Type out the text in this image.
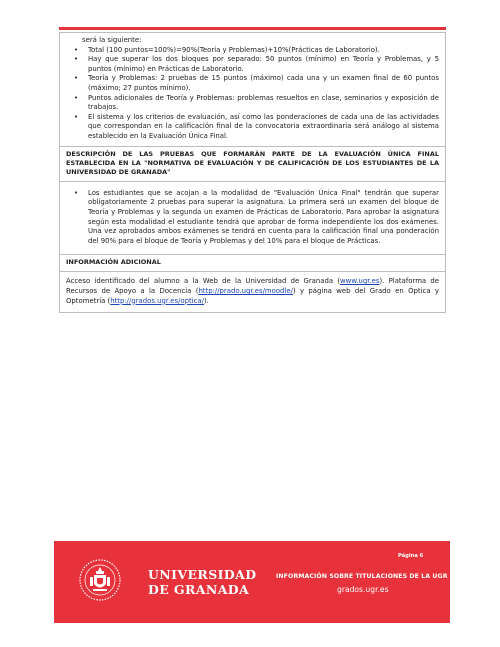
será la siguiente:
• Total (100 puntos=100%)=90%(Teoría y Problemas)+10%(Prácticas de Laboratorio).
• Hay que superar los dos bloques por separado: 50 puntos (mínimo) en Teoría y Problemas, y 5 puntos (mínimo) en Prácticas de Laboratorio.
• Teoría y Problemas: 2 pruebas de 15 puntos (máximo) cada una y un examen final de 60 puntos (máximo; 27 puntos mínimo).
• Puntos adicionales de Teoría y Problemas: problemas resueltos en clase, seminarios y exposición de trabajos.
• El sistema y los criterios de evaluación, así como las ponderaciones de cada una de las actividades que correspondan en la calificación final de la convocatoria extraordinaria será análogo al sistema establecido en la Evaluación Única Final.

DESCRIPCIÓN DE LAS PRUEBAS QUE FORMARÁN PARTE DE LA EVALUACIÓN ÚNICA FINAL ESTABLECIDA EN LA "NORMATIVA DE EVALUACIÓN Y DE CALIFICACIÓN DE LOS ESTUDIANTES DE LA UNIVERSIDAD DE GRANADA"

• Los estudiantes que se acojan a la modalidad de "Evaluación Única Final" tendrán que superar obligatoriamente 2 pruebas para superar la asignatura. La primera será un examen del bloque de Teoría y Problemas y la segunda un examen de Prácticas de Laboratorio. Para aprobar la asignatura según esta modalidad el estudiante tendrá que aprobar de forma independiente los dos exámenes. Una vez aprobados ambos exámenes se tendrá en cuenta para la calificación final una ponderación del 90% para el bloque de Teoría y Problemas y del 10% para el bloque de Prácticas.

INFORMACIÓN ADICIONAL
Acceso identificado del alumno a la Web de la Universidad de Granada (www.ugr.es). Plataforma de Recursos de Apoyo a la Docencia (http://prado.ugr.es/moodle/) y página web del Grado en Óptica y Optometría (http://grados.ugr.es/optica/).
UNIVERSIDAD
DE GRANADA
Página 6
INFORMACIÓN SOBRE TITULACIONES DE LA UGR
grados.ugr.es
